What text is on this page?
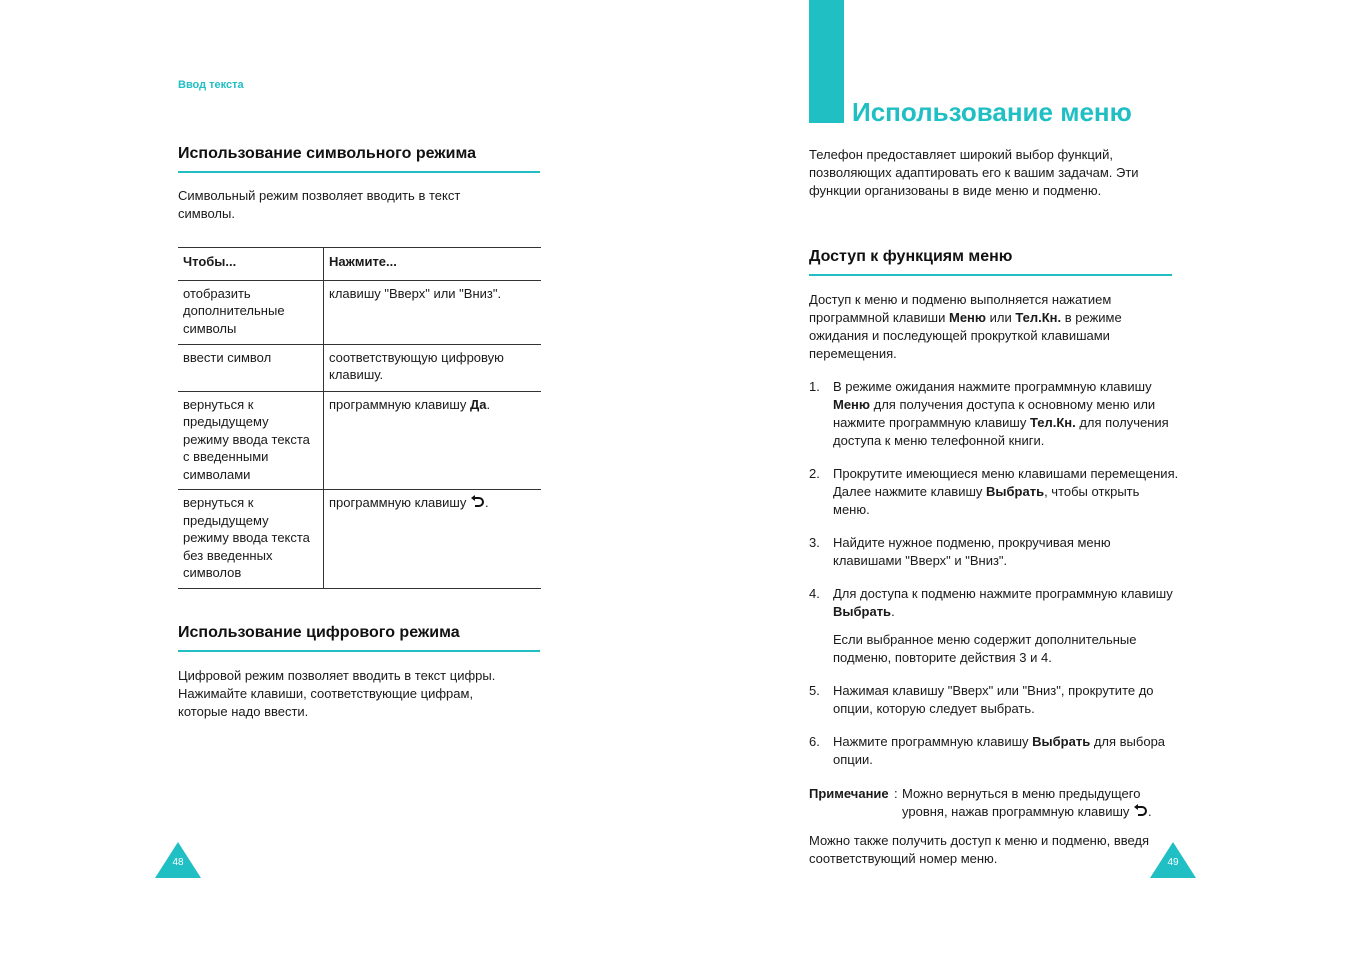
Ввод текста
Использование символьного режима
Символьный режим позволяет вводить в текст символы.
Чтобы...	Нажмите...
отобразить дополнительные символы	клавишу "Вверх" или "Вниз".
ввести символ	соответствующую цифровую клавишу.
вернуться к предыдущему режиму ввода текста с введенными символами	программную клавишу Да.
вернуться к предыдущему режиму ввода текста без введенных символов	программную клавишу .
Использование цифрового режима
Цифровой режим позволяет вводить в текст цифры. Нажимайте клавиши, соответствующие цифрам, которые надо ввести.
48
Использование меню
Телефон предоставляет широкий выбор функций, позволяющих адаптировать его к вашим задачам. Эти функции организованы в виде меню и подменю.
Доступ к функциям меню
Доступ к меню и подменю выполняется нажатием программной клавиши Меню или Тел.Кн. в режиме ожидания и последующей прокруткой клавишами перемещения.
1. В режиме ожидания нажмите программную клавишу Меню для получения доступа к основному меню или нажмите программную клавишу Тел.Кн. для получения доступа к меню телефонной книги.
2. Прокрутите имеющиеся меню клавишами перемещения. Далее нажмите клавишу Выбрать, чтобы открыть меню.
3. Найдите нужное подменю, прокручивая меню клавишами "Вверх" и "Вниз".
4. Для доступа к подменю нажмите программную клавишу Выбрать.
Если выбранное меню содержит дополнительные подменю, повторите действия 3 и 4.
5. Нажимая клавишу "Вверх" или "Вниз", прокрутите до опции, которую следует выбрать.
6. Нажмите программную клавишу Выбрать для выбора опции.
Примечание : Можно вернуться в меню предыдущего уровня, нажав программную клавишу .
Можно также получить доступ к меню и подменю, введя соответствующий номер меню.	49
